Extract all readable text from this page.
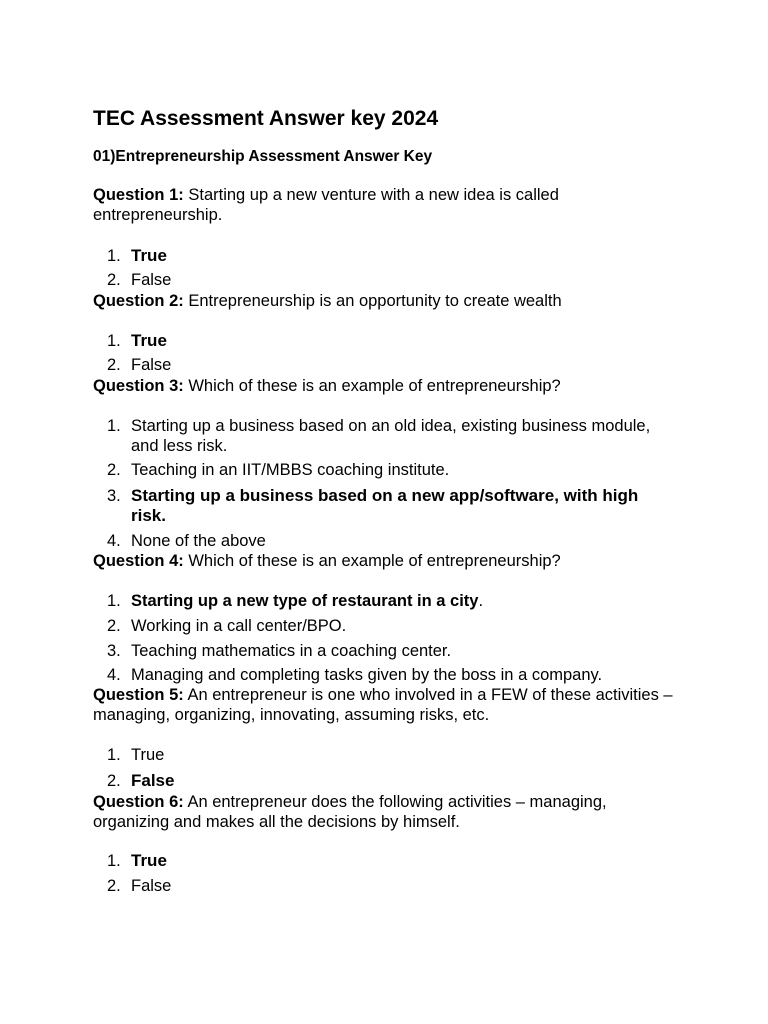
TEC Assessment Answer key 2024
01)Entrepreneurship Assessment Answer Key

Question 1: Starting up a new venture with a new idea is called entrepreneurship.

1. True
2. False

Question 2: Entrepreneurship is an opportunity to create wealth

1. True
2. False

Question 3: Which of these is an example of entrepreneurship?

1. Starting up a business based on an old idea, existing business module, and less risk.
2. Teaching in an IIT/MBBS coaching institute.
3. Starting up a business based on a new app/software, with high risk.
4. None of the above

Question 4: Which of these is an example of entrepreneurship?

1. Starting up a new type of restaurant in a city.
2. Working in a call center/BPO.
3. Teaching mathematics in a coaching center.
4. Managing and completing tasks given by the boss in a company.

Question 5: An entrepreneur is one who involved in a FEW of these activities – managing, organizing, innovating, assuming risks, etc.

1. True
2. False

Question 6: An entrepreneur does the following activities – managing, organizing and makes all the decisions by himself.

1. True
2. False
